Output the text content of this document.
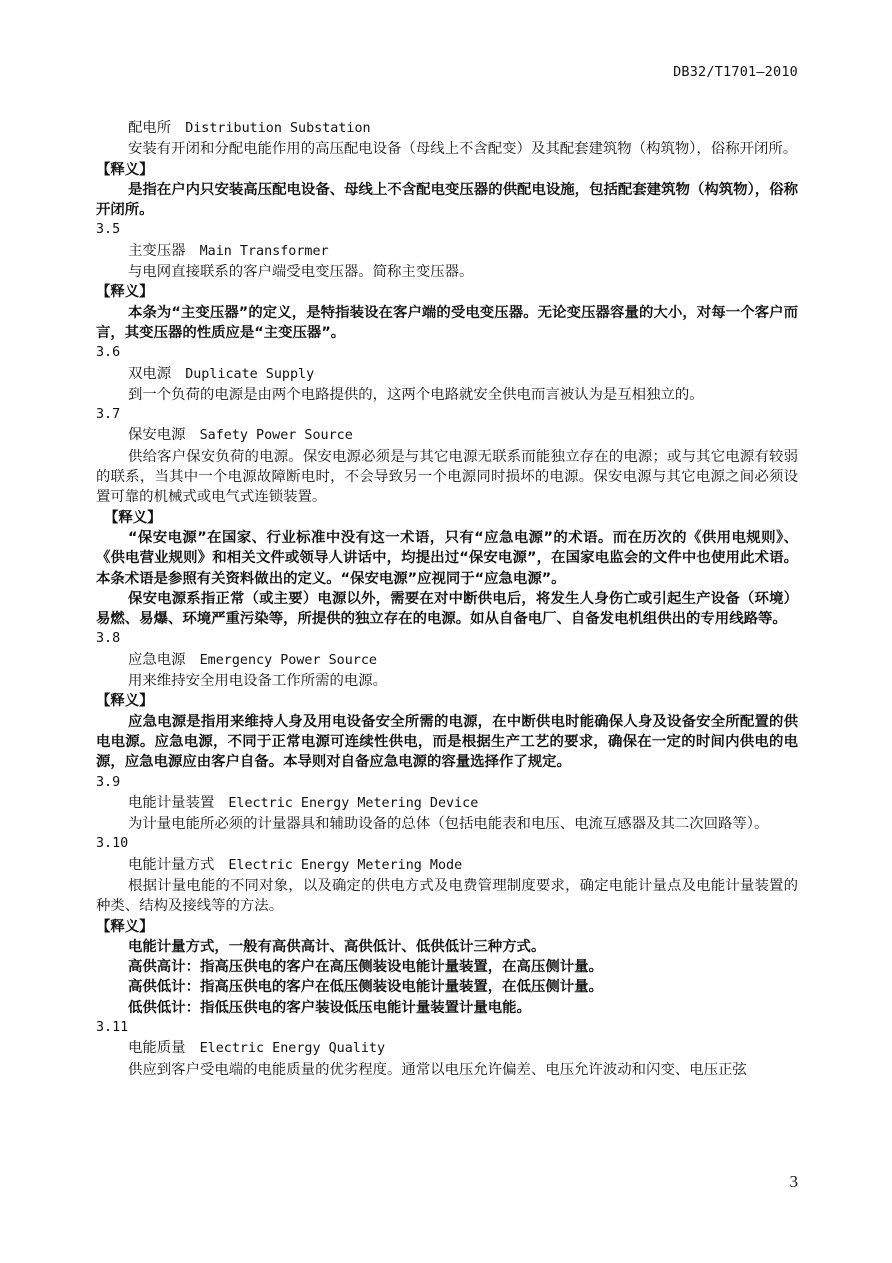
DB32/T1701—2010
配电所 Distribution Substation
安装有开闭和分配电能作用的高压配电设备（母线上不含配变）及其配套建筑物（构筑物），俗称开闭所。
【释义】
是指在户内只安装高压配电设备、母线上不含配电变压器的供配电设施，包括配套建筑物（构筑物），俗称开闭所。
3.5
主变压器 Main Transformer
与电网直接联系的客户端受电变压器。简称主变压器。
【释义】
本条为“主变压器”的定义，是特指装设在客户端的受电变压器。无论变压器容量的大小，对每一个客户而言，其变压器的性质应是“主变压器”。
3.6
双电源 Duplicate Supply
到一个负荷的电源是由两个电路提供的，这两个电路就安全供电而言被认为是互相独立的。
3.7
保安电源 Safety Power Source
供给客户保安负荷的电源。保安电源必须是与其它电源无联系而能独立存在的电源；或与其它电源有较弱的联系，当其中一个电源故障断电时，不会导致另一个电源同时损坏的电源。保安电源与其它电源之间必须设置可靠的机械式或电气式连锁装置。
【释义】
“保安电源”在国家、行业标准中没有这一术语，只有“应急电源”的术语。而在历次的《供用电规则》、《供电营业规则》和相关文件或领导人讲话中，均提出过“保安电源”，在国家电监会的文件中也使用此术语。本条术语是参照有关资料做出的定义。“保安电源”应视同于“应急电源”。
保安电源系指正常（或主要）电源以外，需要在对中断供电后，将发生人身伤亡或引起生产设备（环境）易燃、易爆、环境严重污染等，所提供的独立存在的电源。如从自备电厂、自备发电机组供出的专用线路等。
3.8
应急电源 Emergency Power Source
用来维持安全用电设备工作所需的电源。
【释义】
应急电源是指用来维持人身及用电设备安全所需的电源，在中断供电时能确保人身及设备安全所配置的供电电源。应急电源，不同于正常电源可连续性供电，而是根据生产工艺的要求，确保在一定的时间内供电的电源，应急电源应由客户自备。本导则对自备应急电源的容量选择作了规定。
3.9
电能计量装置 Electric Energy Metering Device
为计量电能所必须的计量器具和辅助设备的总体（包括电能表和电压、电流互感器及其二次回路等）。
3.10
电能计量方式 Electric Energy Metering Mode
根据计量电能的不同对象，以及确定的供电方式及电费管理制度要求，确定电能计量点及电能计量装置的种类、结构及接线等的方法。
【释义】
电能计量方式，一般有高供高计、高供低计、低供低计三种方式。
高供高计：指高压供电的客户在高压侧装设电能计量装置，在高压侧计量。
高供低计：指高压供电的客户在低压侧装设电能计量装置，在低压侧计量。
低供低计：指低压供电的客户装设低压电能计量装置计量电能。
3.11
电能质量 Electric Energy Quality
供应到客户受电端的电能质量的优劣程度。通常以电压允许偏差、电压允许波动和闪变、电压正弦
3
